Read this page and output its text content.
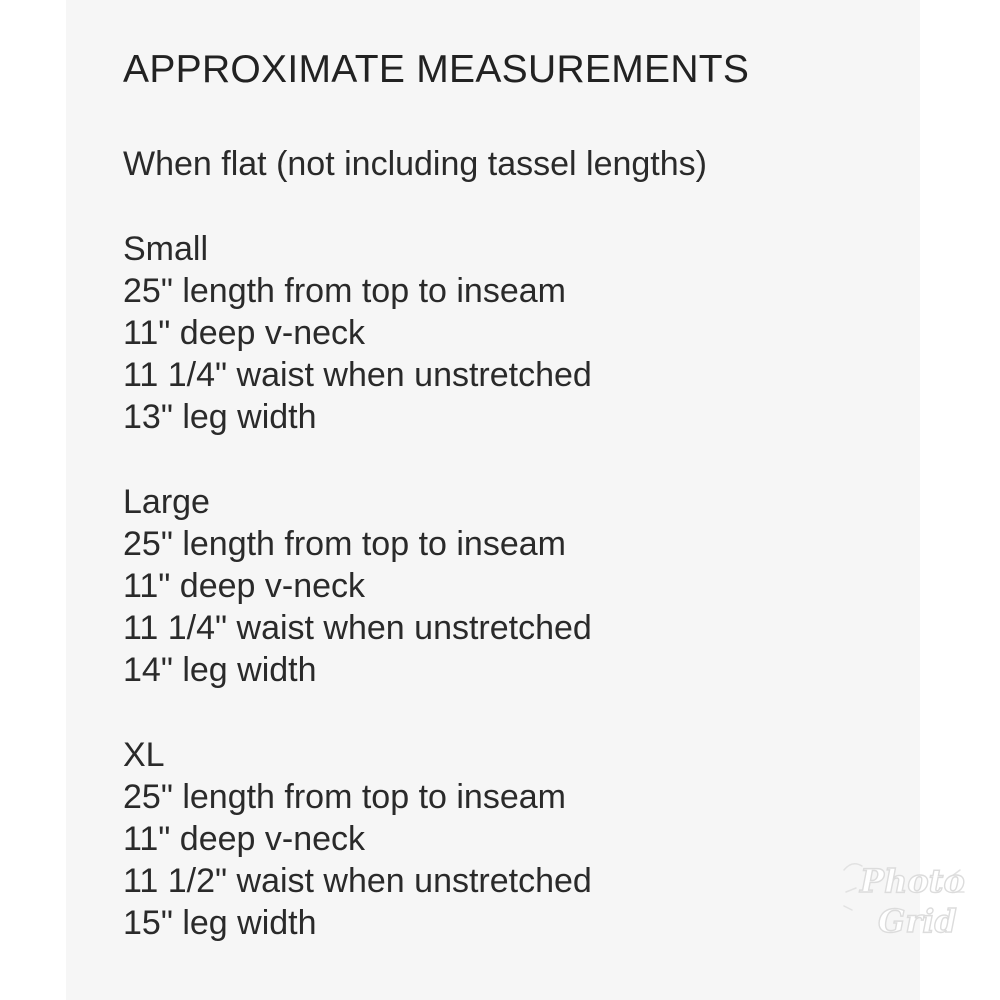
APPROXIMATE MEASUREMENTS

When flat (not including tassel lengths)

Small
25" length from top to inseam
11" deep v-neck
11 1/4" waist when unstretched
13" leg width
Large
25" length from top to inseam
11" deep v-neck
11 1/4" waist when unstretched
14" leg width
XL
25" length from top to inseam
11" deep v-neck
11 1/2" waist when unstretched
15" leg width
Photo
Grid
